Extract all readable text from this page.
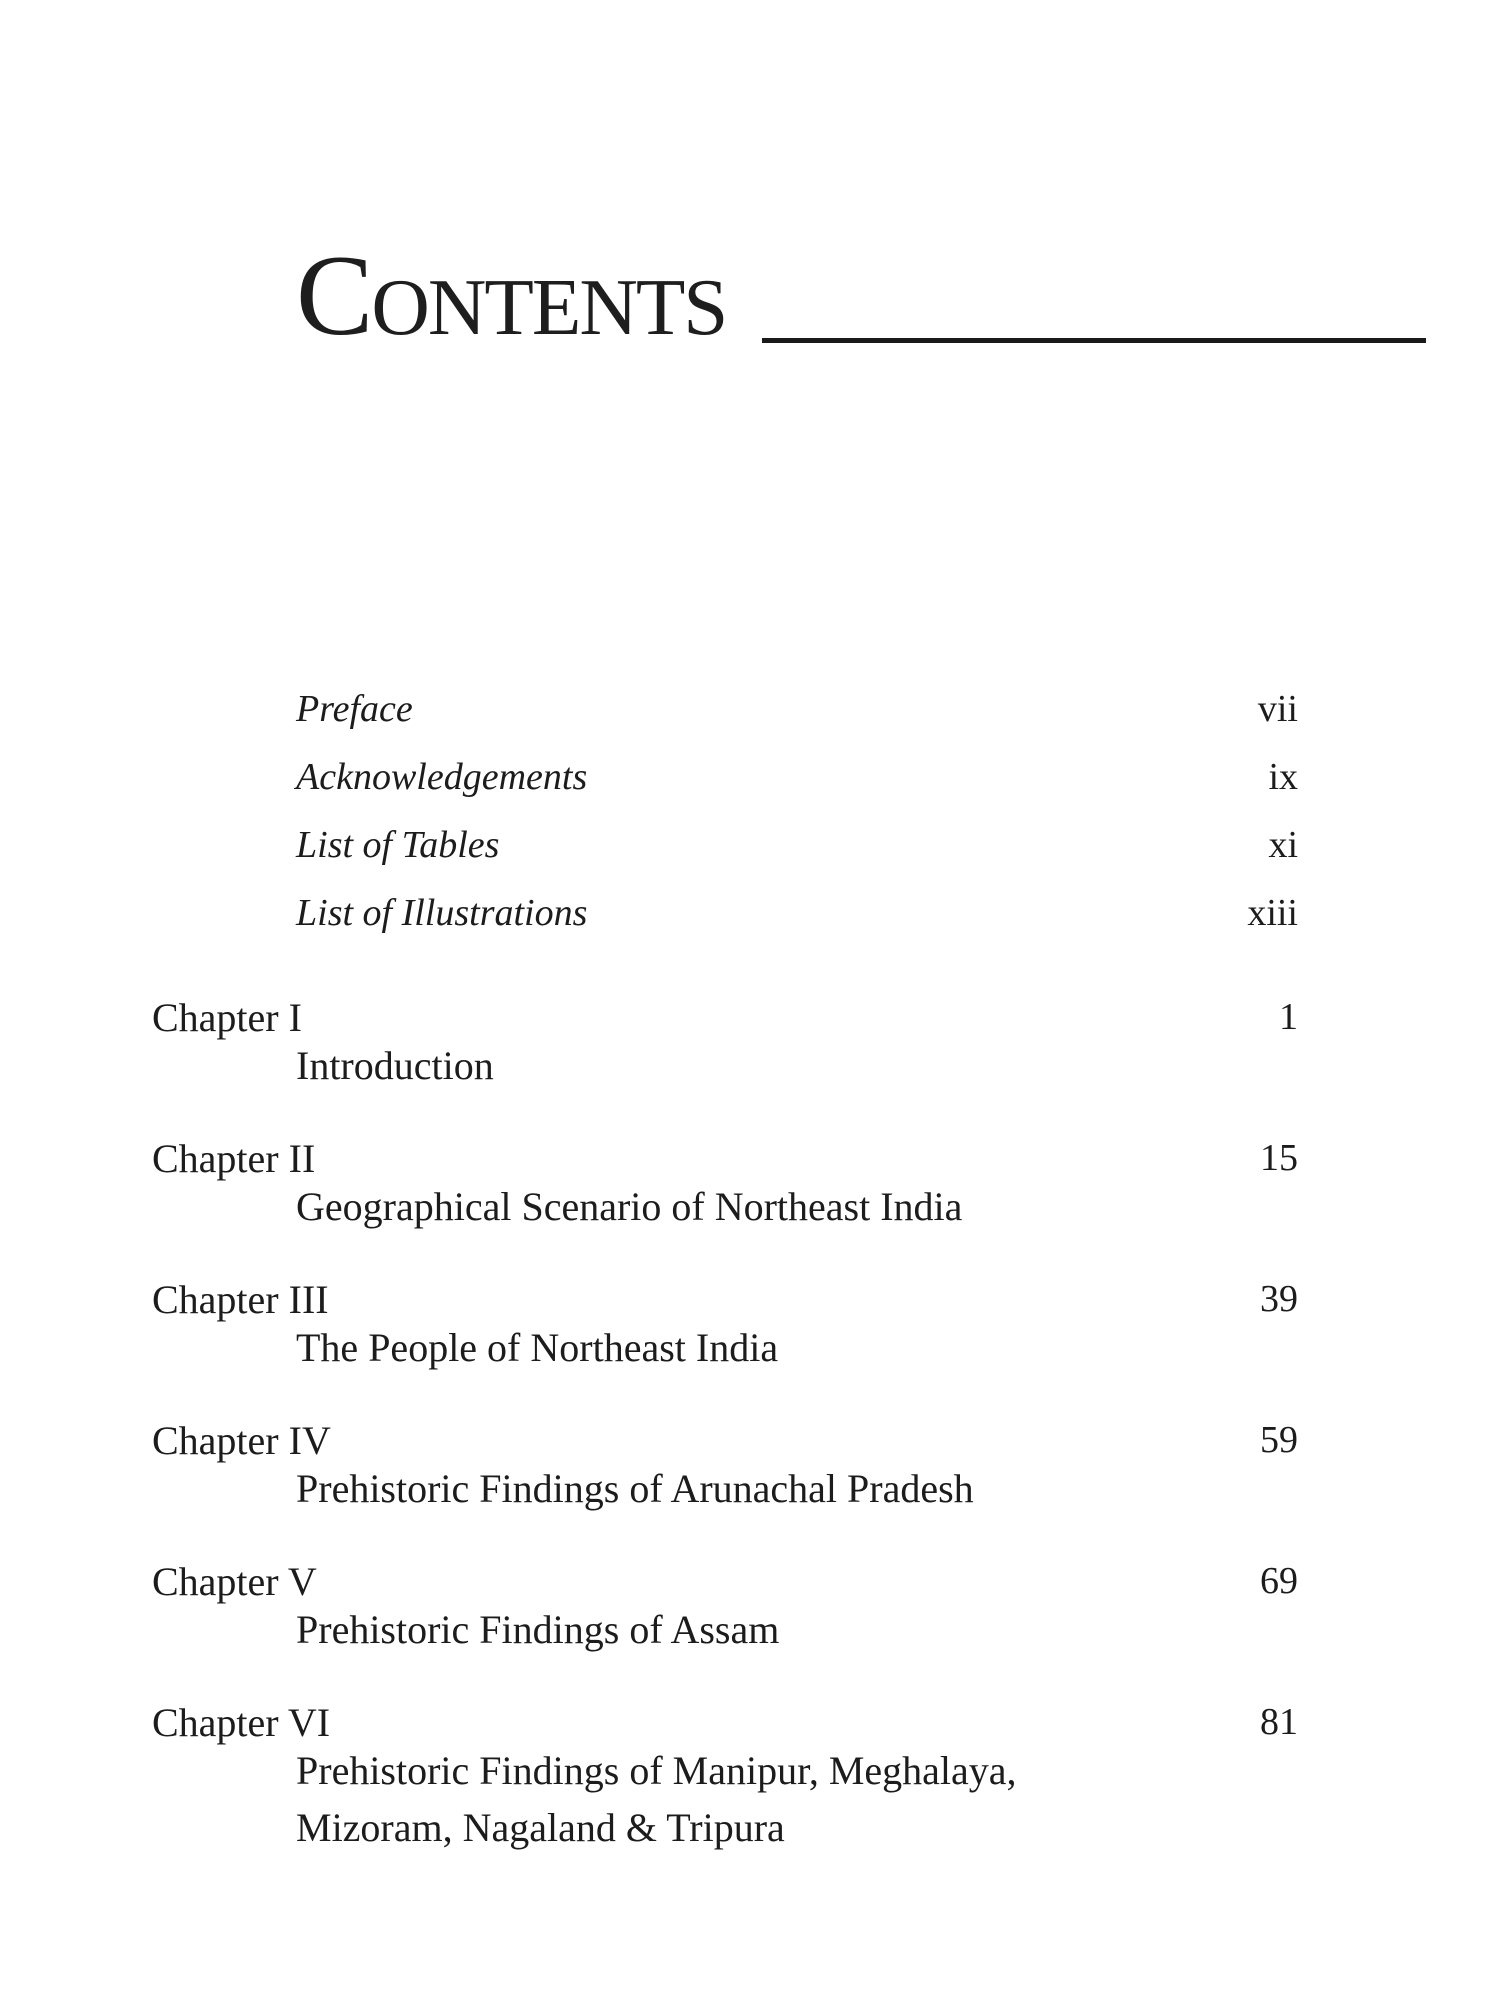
Contents
Preface	vii
Acknowledgements	ix
List of Tables	xi
List of Illustrations	xiii
Chapter I	1
Introduction
Chapter II	15
Geographical Scenario of Northeast India
Chapter III	39
The People of Northeast India
Chapter IV	59
Prehistoric Findings of Arunachal Pradesh
Chapter V	69
Prehistoric Findings of Assam
Chapter VI	81
Prehistoric Findings of Manipur, Meghalaya,
Mizoram, Nagaland & Tripura
